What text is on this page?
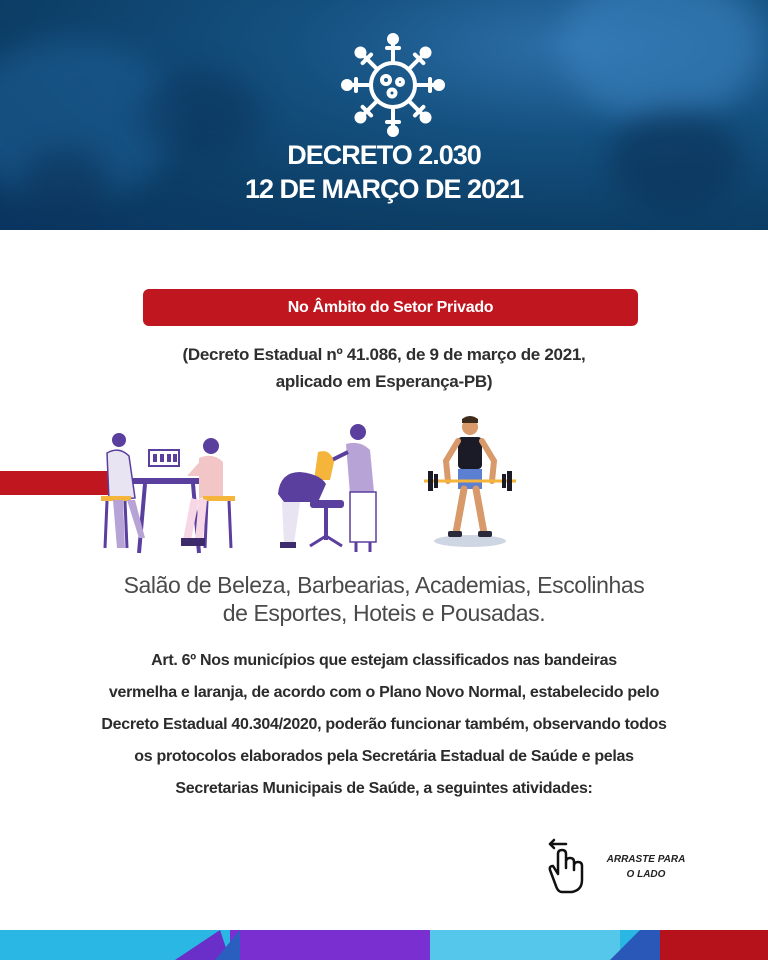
DECRETO 2.030
12 DE MARÇO DE 2021
No Âmbito do Setor Privado
(Decreto Estadual nº 41.086, de 9 de março de 2021,
aplicado em Esperança-PB)
Salão de Beleza, Barbearias, Academias, Escolinhas
de Esportes, Hoteis e Pousadas.
Art. 6º Nos municípios que estejam classificados nas bandeiras
vermelha e laranja, de acordo com o Plano Novo Normal, estabelecido pelo
Decreto Estadual 40.304/2020, poderão funcionar também, observando todos
os protocolos elaborados pela Secretária Estadual de Saúde e pelas
Secretarias Municipais de Saúde, a seguintes atividades:
ARRASTE PARA
O LADO
